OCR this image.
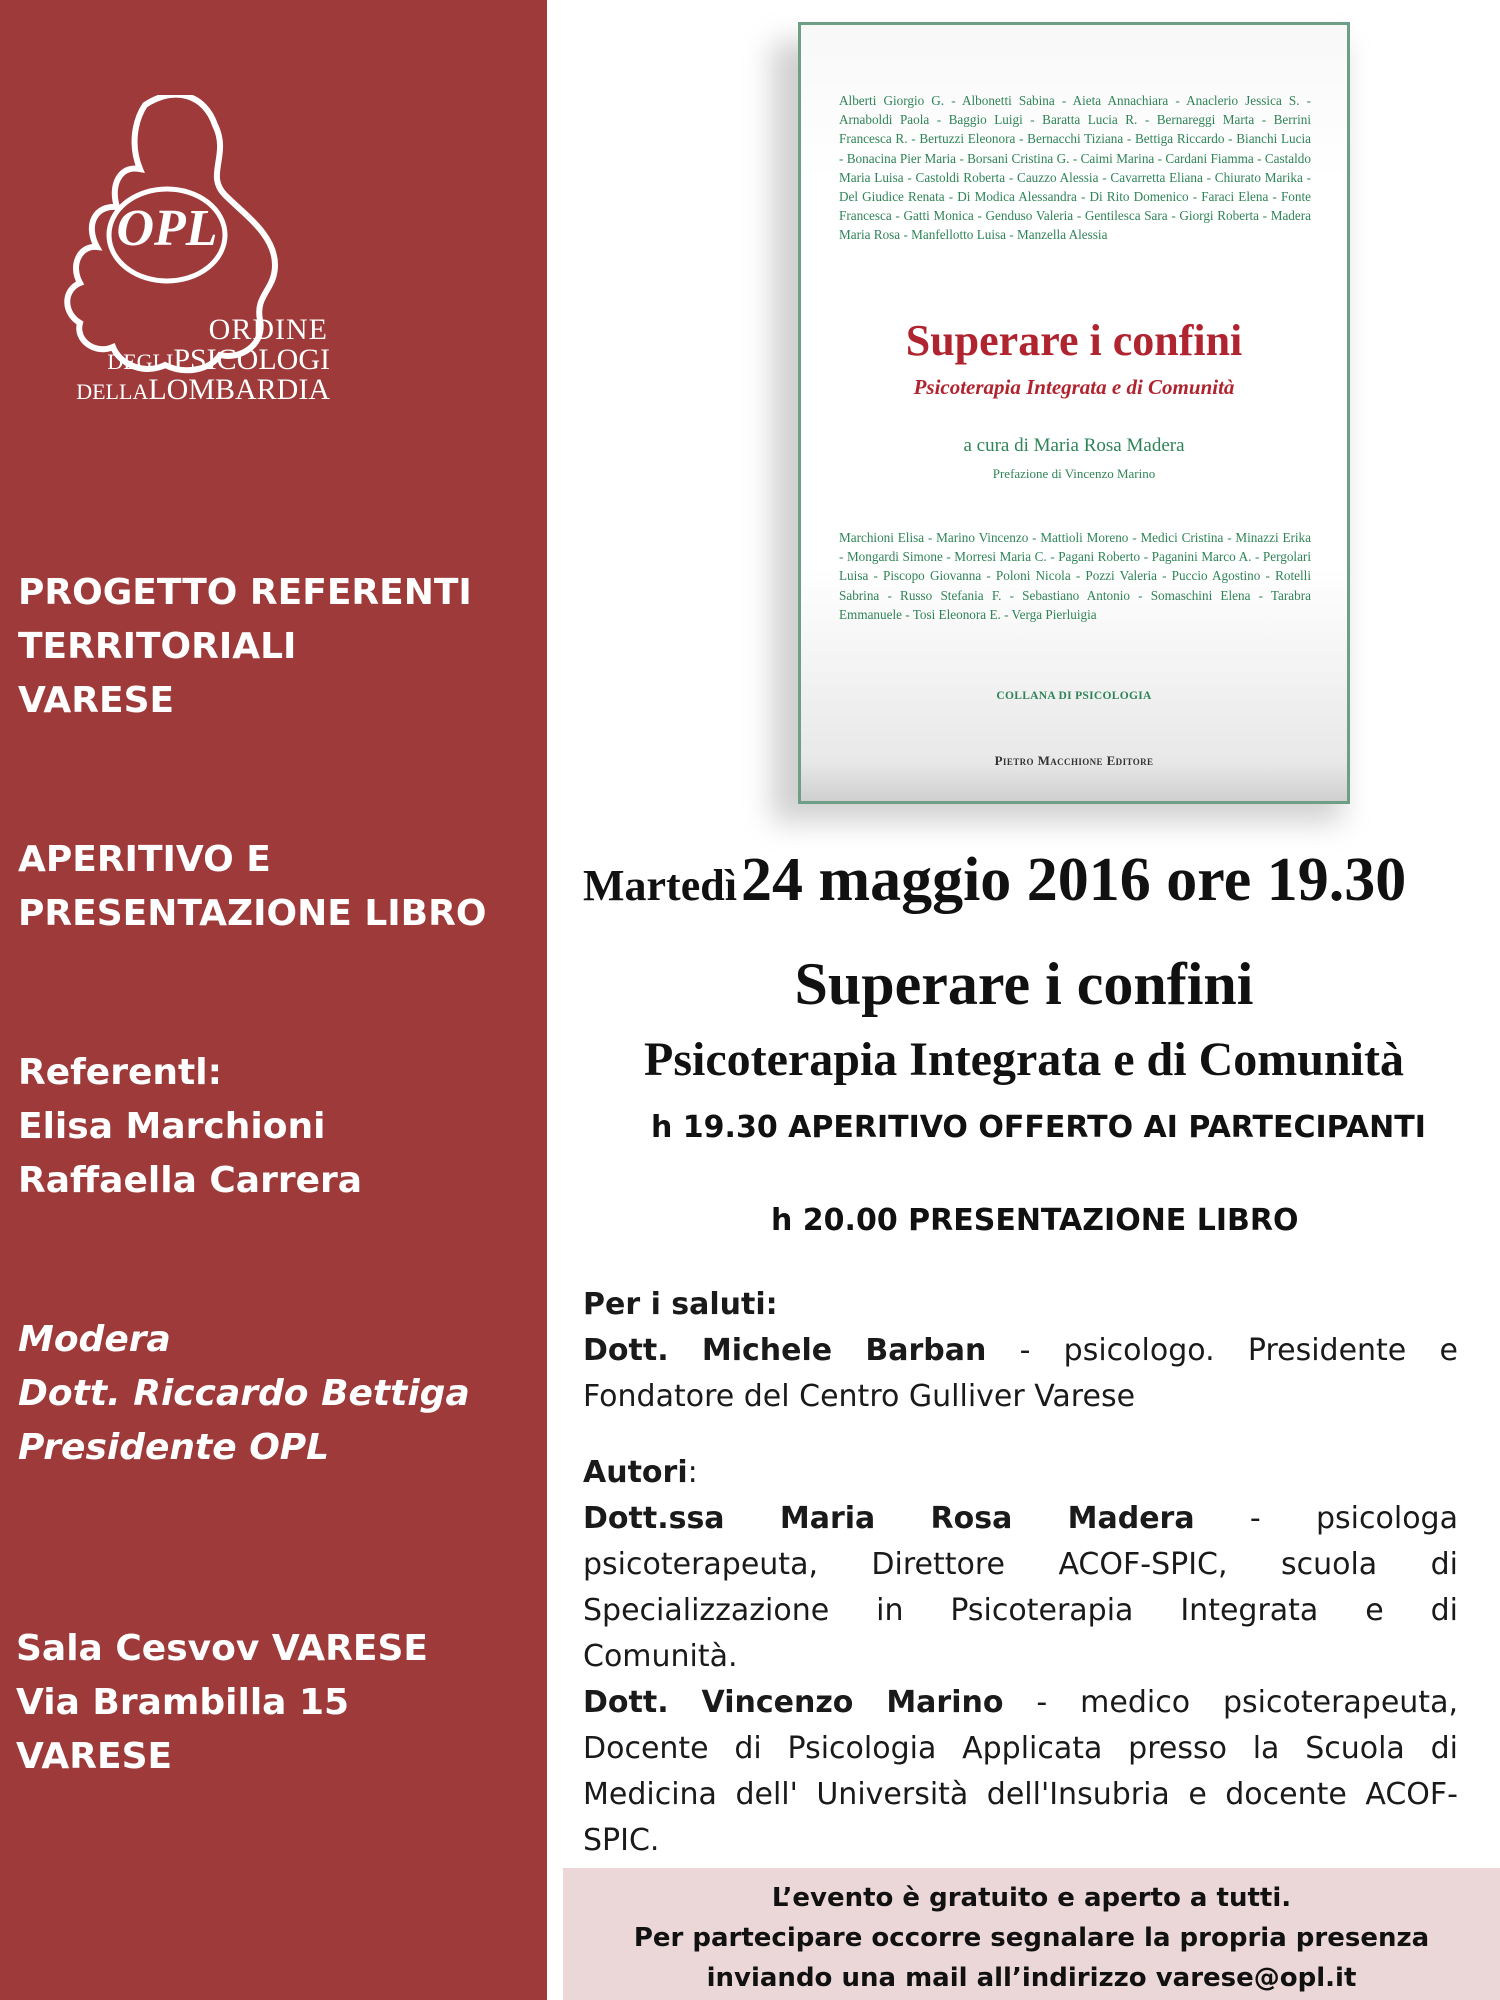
OPL
ORDINE
DEGLIPSICOLOGI
DELLALOMBARDIA
PROGETTO REFERENTI
TERRITORIALI
VARESE
APERITIVO E
PRESENTAZIONE LIBRO
Referentl:
Elisa Marchioni
Raffaella Carrera
Modera
Dott. Riccardo Bettiga
Presidente OPL
Sala Cesvov VARESE
Via Brambilla 15
VARESE
Alberti Giorgio G. - Albonetti Sabina - Aieta Annachiara - Anaclerio Jessica S. - Arnaboldi Paola - Baggio Luigi - Baratta Lucia R. - Bernareggi Marta - Berrini Francesca R. - Bertuzzi Eleonora - Bernacchi Tiziana - Bettiga Riccardo - Bianchi Lucia - Bonacina Pier Maria - Borsani Cristina G. - Caimi Marina - Cardani Fiamma - Castaldo Maria Luisa - Castoldi Roberta - Cauzzo Alessia - Cavarretta Eliana - Chiurato Marika - Del Giudice Renata - Di Modica Alessandra - Di Rito Domenico - Faraci Elena - Fonte Francesca - Gatti Monica - Genduso Valeria - Gentilesca Sara - Giorgi Roberta - Madera Maria Rosa - Manfellotto Luisa - Manzella Alessia
Superare i confini
Psicoterapia Integrata e di Comunità
a cura di Maria Rosa Madera
Prefazione di Vincenzo Marino
Marchioni Elisa - Marino Vincenzo - Mattioli Moreno - Medici Cristina - Minazzi Erika - Mongardi Simone - Morresi Maria C. - Pagani Roberto - Paganini Marco A. - Pergolari Luisa - Piscopo Giovanna - Poloni Nicola - Pozzi Valeria - Puccio Agostino - Rotelli Sabrina - Russo Stefania F. - Sebastiano Antonio - Somaschini Elena - Tarabra Emmanuele - Tosi Eleonora E. - Verga Pierluigia
COLLANA DI PSICOLOGIA
Pietro Macchione Editore
Martedì 24 maggio 2016 ore 19.30
Superare i confini
Psicoterapia Integrata e di Comunità
h 19.30 APERITIVO OFFERTO AI PARTECIPANTI
h 20.00 PRESENTAZIONE LIBRO
Per i saluti:
Dott. Michele Barban - psicologo. Presidente e
Fondatore del Centro Gulliver Varese
Autori:
Dott.ssa Maria Rosa Madera - psicologa
psicoterapeuta, Direttore ACOF-SPIC, scuola di
Specializzazione in Psicoterapia Integrata e di
Comunità.
Dott. Vincenzo Marino - medico psicoterapeuta,
Docente di Psicologia Applicata presso la Scuola di
Medicina dell' Università dell'Insubria e docente ACOF-
SPIC.
L’evento è gratuito e aperto a tutti.
Per partecipare occorre segnalare la propria presenza
inviando una mail all’indirizzo varese@opl.it
